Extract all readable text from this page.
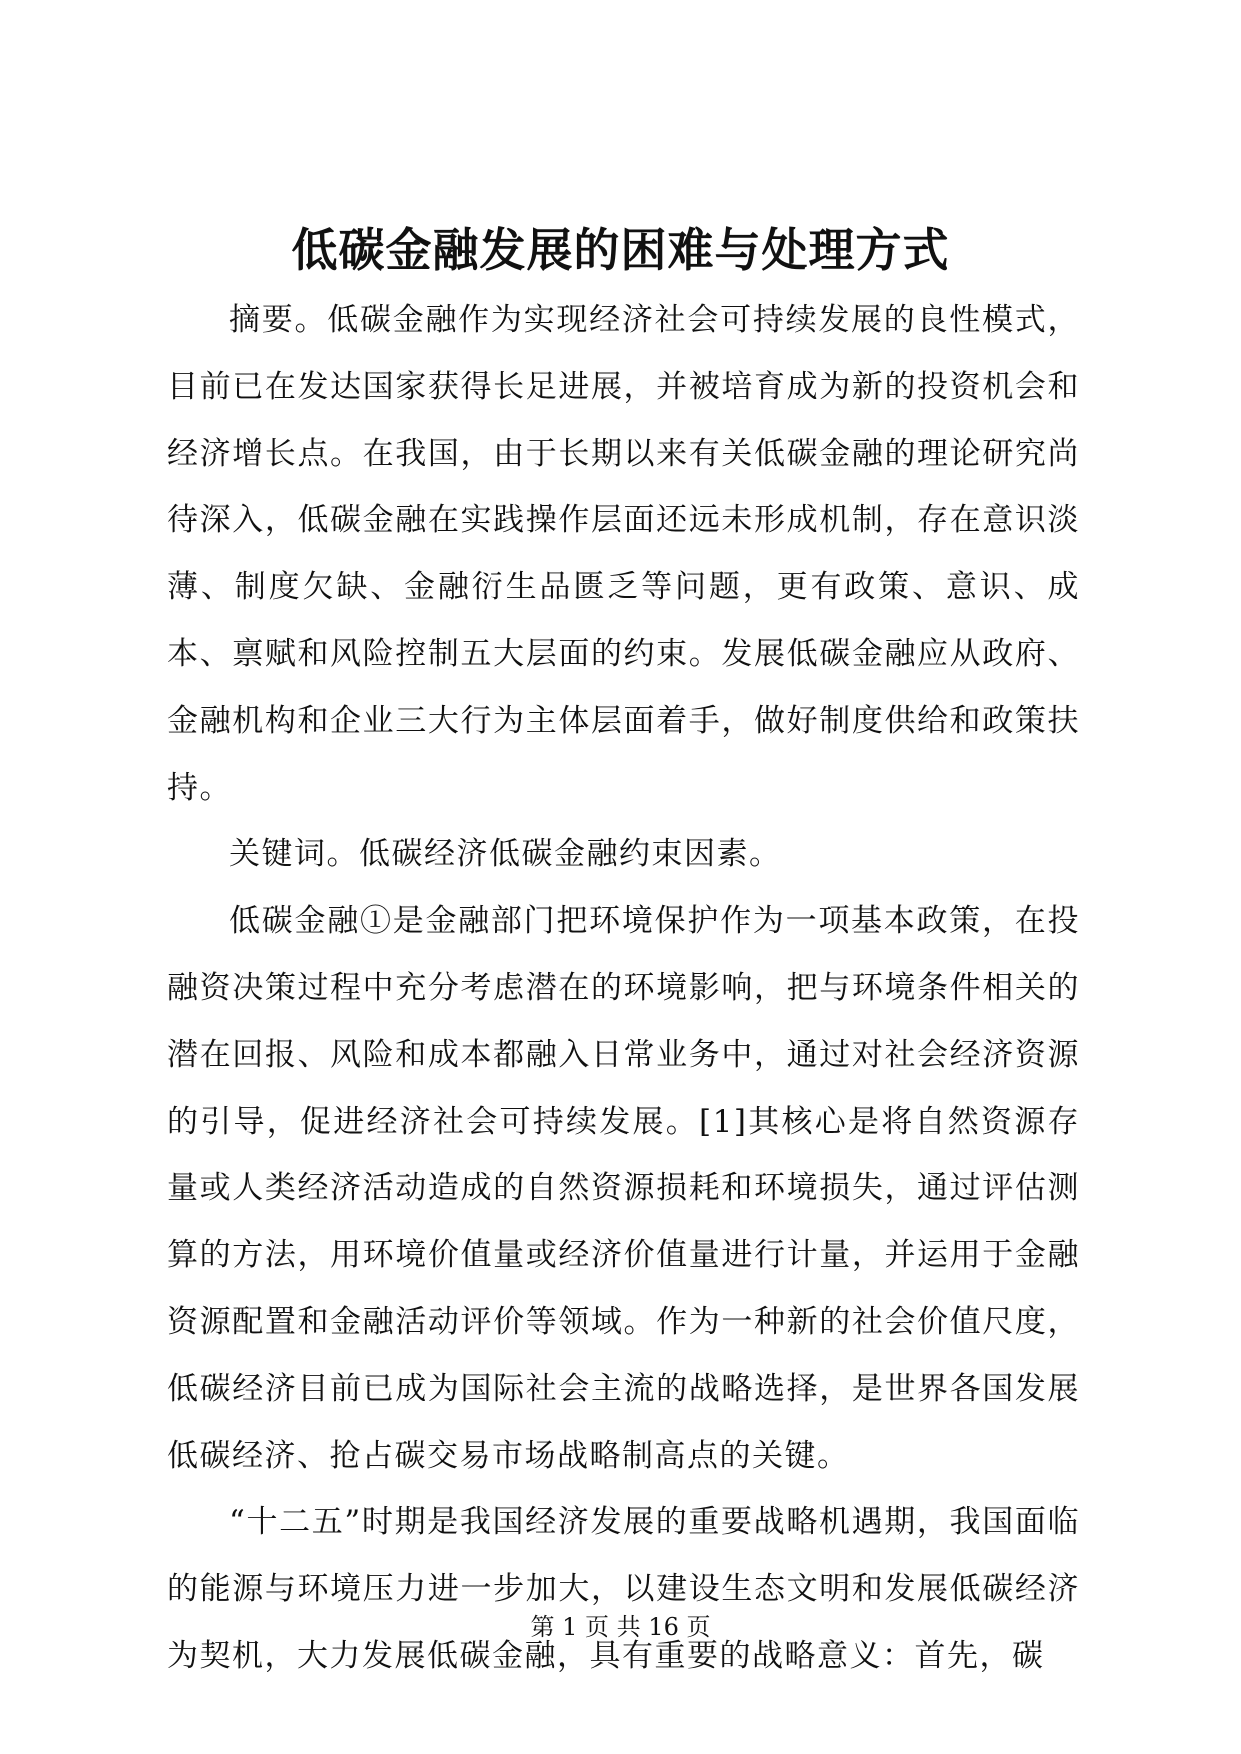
低碳金融发展的困难与处理方式

摘要。低碳金融作为实现经济社会可持续发展的良性模式，目前已在发达国家获得长足进展，并被培育成为新的投资机会和经济增长点。在我国，由于长期以来有关低碳金融的理论研究尚待深入，低碳金融在实践操作层面还远未形成机制，存在意识淡薄、制度欠缺、金融衍生品匮乏等问题，更有政策、意识、成本、禀赋和风险控制五大层面的约束。发展低碳金融应从政府、金融机构和企业三大行为主体层面着手，做好制度供给和政策扶持。

关键词。低碳经济低碳金融约束因素。

低碳金融①是金融部门把环境保护作为一项基本政策，在投融资决策过程中充分考虑潜在的环境影响，把与环境条件相关的潜在回报、风险和成本都融入日常业务中，通过对社会经济资源的引导，促进经济社会可持续发展。[1]其核心是将自然资源存量或人类经济活动造成的自然资源损耗和环境损失，通过评估测算的方法，用环境价值量或经济价值量进行计量，并运用于金融资源配置和金融活动评价等领域。作为一种新的社会价值尺度，低碳经济目前已成为国际社会主流的战略选择，是世界各国发展低碳经济、抢占碳交易市场战略制高点的关键。

“十二五”时期是我国经济发展的重要战略机遇期，我国面临的能源与环境压力进一步加大，以建设生态文明和发展低碳经济为契机，大力发展低碳金融，具有重要的战略意义：首先，碳

第 1 页 共 16 页
